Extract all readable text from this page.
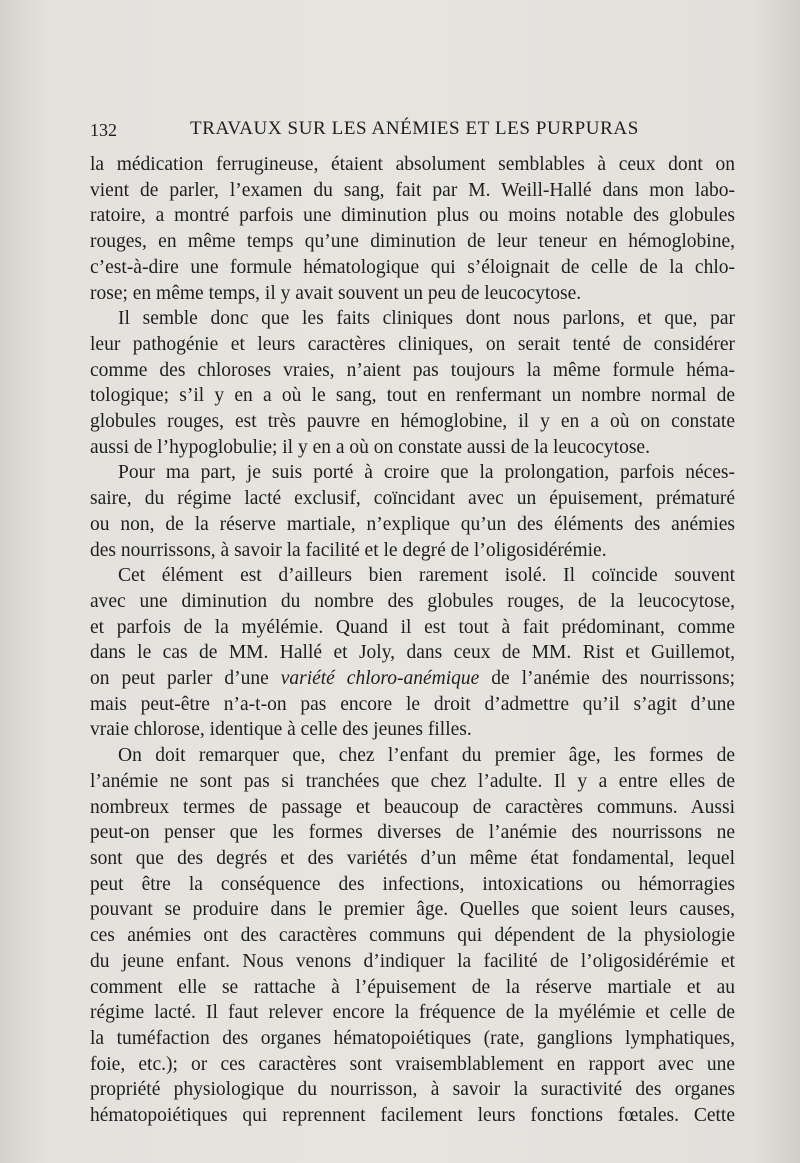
132	TRAVAUX SUR LES ANÉMIES ET LES PURPURAS
la médication ferrugineuse, étaient absolument semblables à ceux dont on
vient de parler, l’examen du sang, fait par M. Weill-Hallé dans mon labo-
ratoire, a montré parfois une diminution plus ou moins notable des globules
rouges, en même temps qu’une diminution de leur teneur en hémoglobine,
c’est-à-dire une formule hématologique qui s’éloignait de celle de la chlo-
rose; en même temps, il y avait souvent un peu de leucocytose.
Il semble donc que les faits cliniques dont nous parlons, et que, par
leur pathogénie et leurs caractères cliniques, on serait tenté de considérer
comme des chloroses vraies, n’aient pas toujours la même formule héma-
tologique; s’il y en a où le sang, tout en renfermant un nombre normal de
globules rouges, est très pauvre en hémoglobine, il y en a où on constate
aussi de l’hypoglobulie; il y en a où on constate aussi de la leucocytose.
Pour ma part, je suis porté à croire que la prolongation, parfois néces-
saire, du régime lacté exclusif, coïncidant avec un épuisement, prématuré
ou non, de la réserve martiale, n’explique qu’un des éléments des anémies
des nourrissons, à savoir la facilité et le degré de l’oligosidérémie.
Cet élément est d’ailleurs bien rarement isolé. Il coïncide souvent
avec une diminution du nombre des globules rouges, de la leucocytose,
et parfois de la myélémie. Quand il est tout à fait prédominant, comme
dans le cas de MM. Hallé et Joly, dans ceux de MM. Rist et Guillemot,
on peut parler d’une variété chloro-anémique de l’anémie des nourrissons;
mais peut-être n’a-t-on pas encore le droit d’admettre qu’il s’agit d’une
vraie chlorose, identique à celle des jeunes filles.
On doit remarquer que, chez l’enfant du premier âge, les formes de
l’anémie ne sont pas si tranchées que chez l’adulte. Il y a entre elles de
nombreux termes de passage et beaucoup de caractères communs. Aussi
peut-on penser que les formes diverses de l’anémie des nourrissons ne
sont que des degrés et des variétés d’un même état fondamental, lequel
peut être la conséquence des infections, intoxications ou hémorragies
pouvant se produire dans le premier âge. Quelles que soient leurs causes,
ces anémies ont des caractères communs qui dépendent de la physiologie
du jeune enfant. Nous venons d’indiquer la facilité de l’oligosidérémie et
comment elle se rattache à l’épuisement de la réserve martiale et au
régime lacté. Il faut relever encore la fréquence de la myélémie et celle de
la tuméfaction des organes hématopoiétiques (rate, ganglions lymphatiques,
foie, etc.); or ces caractères sont vraisemblablement en rapport avec une
propriété physiologique du nourrisson, à savoir la suractivité des organes
hématopoiétiques qui reprennent facilement leurs fonctions fœtales. Cette
